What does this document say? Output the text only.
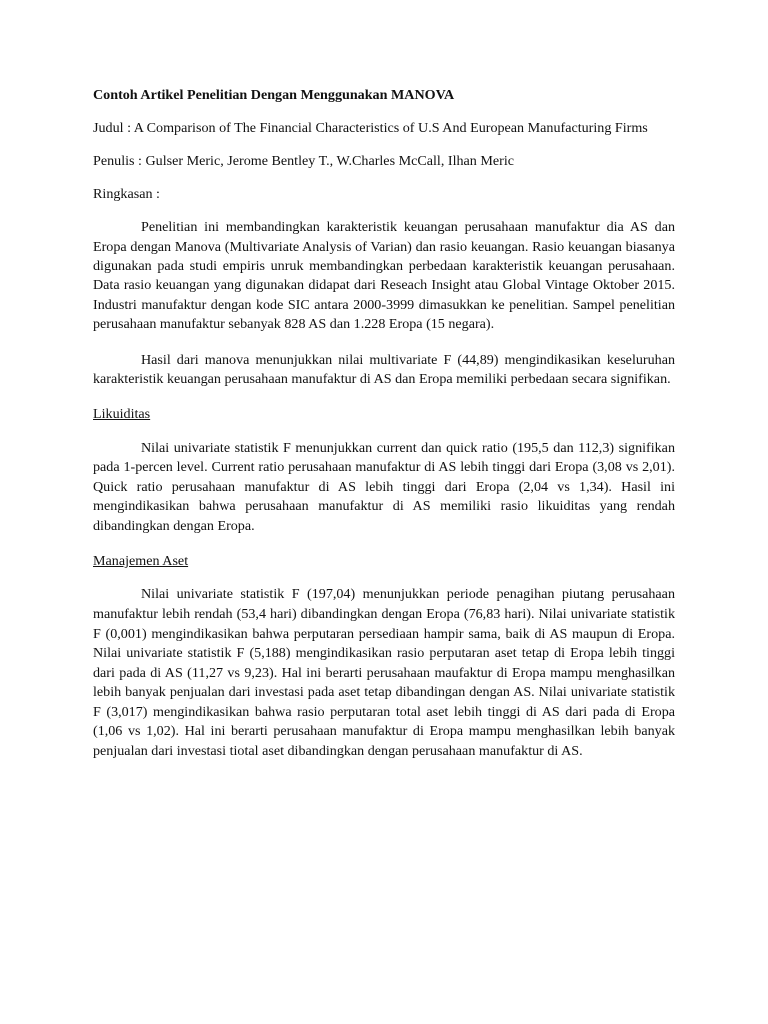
Contoh Artikel Penelitian Dengan Menggunakan MANOVA
Judul : A Comparison of The Financial Characteristics of U.S And European Manufacturing Firms
Penulis : Gulser Meric, Jerome Bentley T., W.Charles McCall, Ilhan Meric
Ringkasan :

Penelitian ini membandingkan karakteristik keuangan perusahaan manufaktur dia AS dan Eropa dengan Manova (Multivariate Analysis of Varian) dan rasio keuangan. Rasio keuangan biasanya digunakan pada studi empiris unruk membandingkan perbedaan karakteristik keuangan perusahaan. Data rasio keuangan yang digunakan didapat dari Reseach Insight atau Global Vintage Oktober 2015. Industri manufaktur dengan kode SIC antara 2000-3999 dimasukkan ke penelitian. Sampel penelitian perusahaan manufaktur sebanyak 828 AS dan 1.228 Eropa (15 negara).

Hasil dari manova menunjukkan nilai multivariate F (44,89) mengindikasikan keseluruhan karakteristik keuangan perusahaan manufaktur di AS dan Eropa memiliki perbedaan secara signifikan.

Likuiditas

Nilai univariate statistik F menunjukkan current dan quick ratio (195,5 dan 112,3) signifikan pada 1-percen level. Current ratio perusahaan manufaktur di AS lebih tinggi dari Eropa (3,08 vs 2,01). Quick ratio perusahaan manufaktur di AS lebih tinggi dari Eropa (2,04 vs 1,34). Hasil ini mengindikasikan bahwa perusahaan manufaktur di AS memiliki rasio likuiditas yang rendah dibandingkan dengan Eropa.

Manajemen Aset

Nilai univariate statistik F (197,04) menunjukkan periode penagihan piutang perusahaan manufaktur lebih rendah (53,4 hari) dibandingkan dengan Eropa (76,83 hari). Nilai univariate statistik F (0,001) mengindikasikan bahwa perputaran persediaan hampir sama, baik di AS maupun di Eropa. Nilai univariate statistik F (5,188) mengindikasikan rasio perputaran aset tetap di Eropa lebih tinggi dari pada di AS (11,27 vs 9,23). Hal ini berarti perusahaan maufaktur di Eropa mampu menghasilkan lebih banyak penjualan dari investasi pada aset tetap dibandingan dengan AS. Nilai univariate statistik F (3,017) mengindikasikan bahwa rasio perputaran total aset lebih tinggi di AS dari pada di Eropa (1,06 vs 1,02). Hal ini berarti perusahaan manufaktur di Eropa mampu menghasilkan lebih banyak penjualan dari investasi tiotal aset dibandingkan dengan perusahaan manufaktur di AS.
